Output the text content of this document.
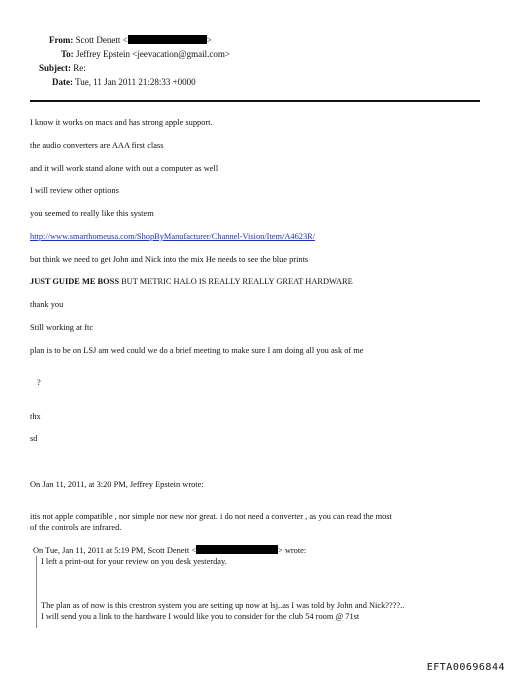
From: Scott Denett <	>
To: Jeffrey Epstein <jeevacation@gmail.com>
Subject: Re:
Date: Tue, 11 Jan 2011 21:28:33 +0000
I know it works on macs and has strong apple support.
the audio converters are AAA first class
and it will work stand alone with out a computer as well
I will review other options
you seemed to really like this system
http://www.smarthomeusa.com/ShopByManufacturer/Channel-Vision/Item/A4623R/
but think we need to get John and Nick into the mix He needs to see the blue prints
JUST GUIDE ME BOSS BUT METRIC HALO IS REALLY REALLY GREAT HARDWARE
thank you
Still working at ftc
plan is to be on LSJ am wed could we do a brief meeting to make sure I am doing all you ask of me
?
thx
sd
On Jan 11, 2011, at 3:20 PM, Jeffrey Epstein wrote:
itis not apple compatible , nor simple nor new nor great. i do not need a converter , as you can read the most
of the controls are infrared.
On Tue, Jan 11, 2011 at 5:19 PM, Scott Denett <	> wrote:
I left a print-out for your review on you desk yesterday.
The plan as of now is this crestron system you are setting up now at lsj..as I was told by John and Nick????..
I will send you a link to the hardware I would like you to consider for the club 54 room @ 71st
EFTA00696844
